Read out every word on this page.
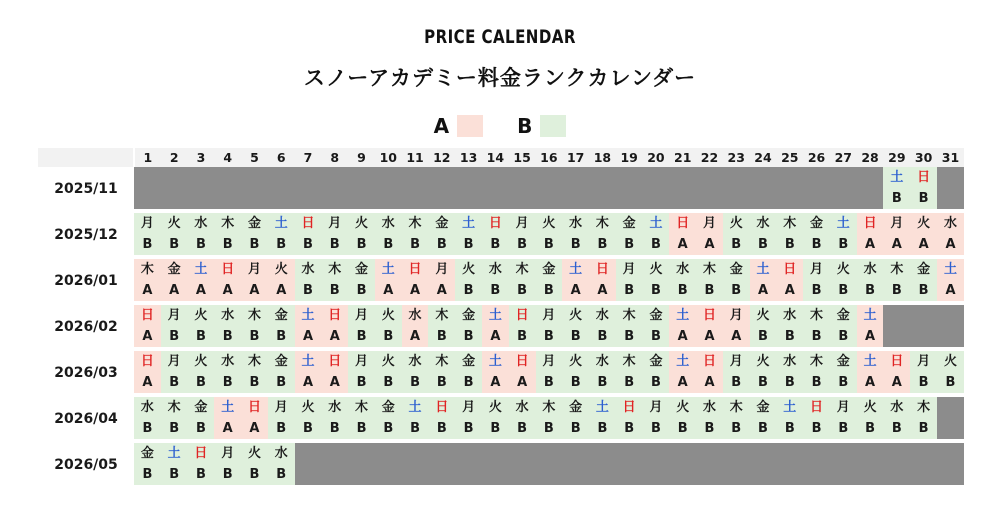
PRICE CALENDAR
スノーアカデミー料金ランクカレンダー
A	B
	1	2	3	4	5	6	7	8	9	10	11	12	13	14	15	16	17	18	19	20	21	22	23	24	25	26	27	28	29	30	31
2025/11																													土	日	
																													B	B	

2025/12	月	火	水	木	金	土	日	月	火	水	木	金	土	日	月	火	水	木	金	土	日	月	火	水	木	金	土	日	月	火	水
	B	B	B	B	B	B	B	B	B	B	B	B	B	B	B	B	B	B	B	B	A	A	B	B	B	B	B	A	A	A	A

2026/01	木	金	土	日	月	火	水	木	金	土	日	月	火	水	木	金	土	日	月	火	水	木	金	土	日	月	火	水	木	金	土
	A	A	A	A	A	A	B	B	B	A	A	A	B	B	B	B	A	A	B	B	B	B	B	A	A	B	B	B	B	B	A

2026/02	日	月	火	水	木	金	土	日	月	火	水	木	金	土	日	月	火	水	木	金	土	日	月	火	水	木	金	土			
	A	B	B	B	B	B	A	A	B	B	A	B	B	A	B	B	B	B	B	B	A	A	A	B	B	B	B	A			

2026/03	日	月	火	水	木	金	土	日	月	火	水	木	金	土	日	月	火	水	木	金	土	日	月	火	水	木	金	土	日	月	火
	A	B	B	B	B	B	A	A	B	B	B	B	B	A	A	B	B	B	B	B	A	A	B	B	B	B	B	A	A	B	B

2026/04	水	木	金	土	日	月	火	水	木	金	土	日	月	火	水	木	金	土	日	月	火	水	木	金	土	日	月	火	水	木	
	B	B	B	A	A	B	B	B	B	B	B	B	B	B	B	B	B	B	B	B	B	B	B	B	B	B	B	B	B	B	

2026/05	金	土	日	月	火	水																									
	B	B	B	B	B	B																									
